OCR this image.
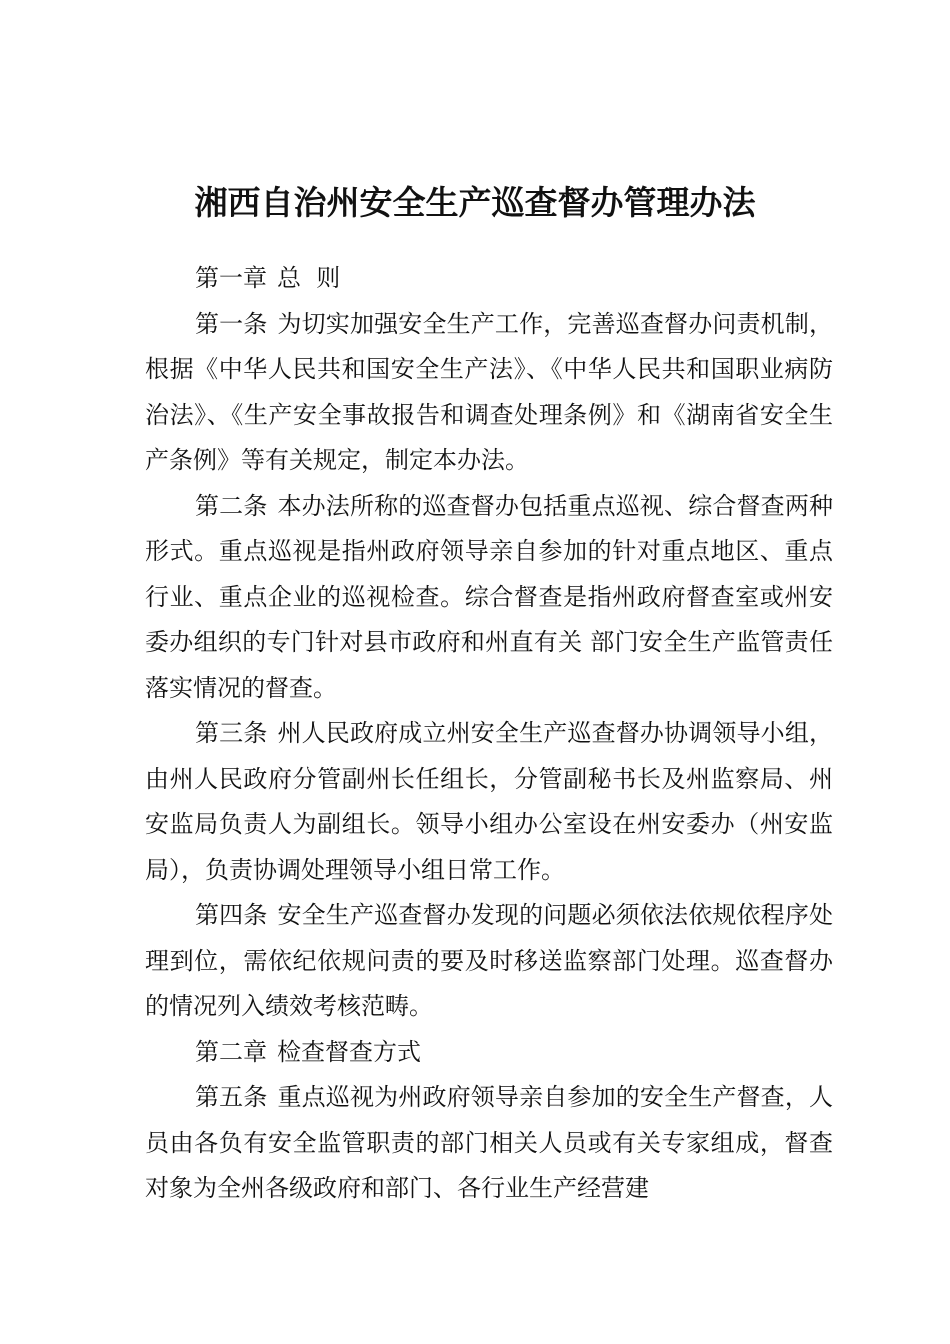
湘西自治州安全生产巡查督办管理办法

第一章 总  则

第一条 为切实加强安全生产工作，完善巡查督办问责机制，根据《中华人民共和国安全生产法》、《中华人民共和国职业病防治法》、《生产安全事故报告和调查处理条例》和《湖南省安全生产条例》等有关规定，制定本办法。

第二条 本办法所称的巡查督办包括重点巡视、综合督查两种形式。重点巡视是指州政府领导亲自参加的针对重点地区、重点行业、重点企业的巡视检查。综合督查是指州政府督查室或州安委办组织的专门针对县市政府和州直有关 部门安全生产监管责任落实情况的督查。

第三条 州人民政府成立州安全生产巡查督办协调领导小组，由州人民政府分管副州长任组长，分管副秘书长及州监察局、州安监局负责人为副组长。领导小组办公室设在州安委办（州安监局），负责协调处理领导小组日常工作。

第四条 安全生产巡查督办发现的问题必须依法依规依程序处理到位，需依纪依规问责的要及时移送监察部门处理。巡查督办的情况列入绩效考核范畴。

第二章 检查督查方式

第五条 重点巡视为州政府领导亲自参加的安全生产督查，人员由各负有安全监管职责的部门相关人员或有关专家组成，督查对象为全州各级政府和部门、各行业生产经营建
